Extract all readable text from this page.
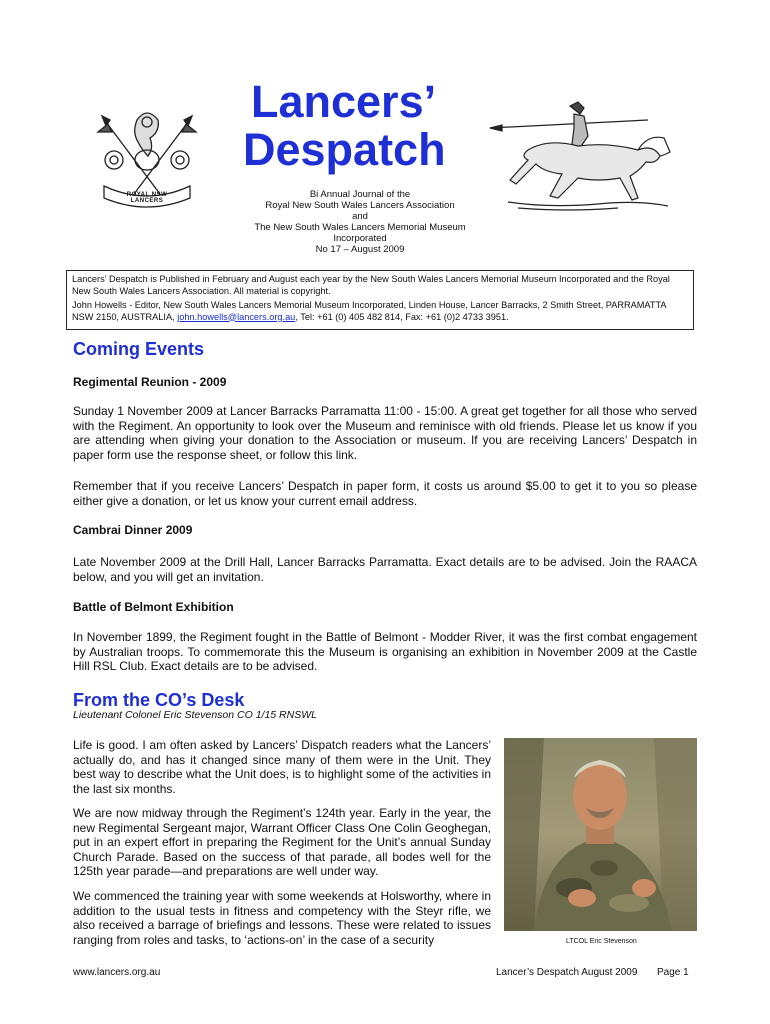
ROYAL NSW LANCERS
Lancers’
Despatch
Bi Annual Journal of the
Royal New South Wales Lancers Association
and
The New South Wales Lancers Memorial Museum
Incorporated
No 17 – August 2009

Lancers’ Despatch is Published in February and August each year by the New South Wales Lancers Memorial Museum Incorporated and the Royal New South Wales Lancers Association. All material is copyright.

John Howells - Editor, New South Wales Lancers Memorial Museum Incorporated, Linden House, Lancer Barracks, 2 Smith Street, PARRAMATTA NSW 2150, AUSTRALIA, john.howells@lancers.org.au, Tel: +61 (0) 405 482 814, Fax: +61 (0)2 4733 3951.

Coming Events
Regimental Reunion - 2009

Sunday 1 November 2009 at Lancer Barracks Parramatta 11:00 - 15:00. A great get together for all those who served with the Regiment. An opportunity to look over the Museum and reminisce with old friends. Please let us know if you are attending when giving your donation to the Association or museum. If you are receiving Lancers’ Despatch in paper form use the response sheet, or follow this link.

Remember that if you receive Lancers’ Despatch in paper form, it costs us around $5.00 to get it to you so please either give a donation, or let us know your current email address.

Cambrai Dinner 2009

Late November 2009 at the Drill Hall, Lancer Barracks Parramatta. Exact details are to be advised. Join the RAACA below, and you will get an invitation.

Battle of Belmont Exhibition

In November 1899, the Regiment fought in the Battle of Belmont - Modder River, it was the first combat engagement by Australian troops. To commemorate this the Museum is organising an exhibition in November 2009 at the Castle Hill RSL Club. Exact details are to be advised.

From the CO’s Desk
Lieutenant Colonel Eric Stevenson CO 1/15 RNSWL

Life is good. I am often asked by Lancers’ Dispatch readers what the Lancers’ actually do, and has it changed since many of them were in the Unit. They best way to describe what the Unit does, is to highlight some of the activities in the last six months.

We are now midway through the Regiment’s 124th year. Early in the year, the new Regimental Sergeant major, Warrant Officer Class One Colin Geoghegan, put in an expert effort in preparing the Regiment for the Unit’s annual Sunday Church Parade. Based on the success of that parade, all bodes well for the 125th year parade—and preparations are well under way.

We commenced the training year with some weekends at Holsworthy, where in addition to the usual tests in fitness and competency with the Steyr rifle, we also received a barrage of briefings and lessons. These were related to issues ranging from roles and tasks, to ‘actions-on’ in the case of a security	LTCOL Eric Stevenson
www.lancers.org.au	Lancer’s Despatch August 2009 Page 1
